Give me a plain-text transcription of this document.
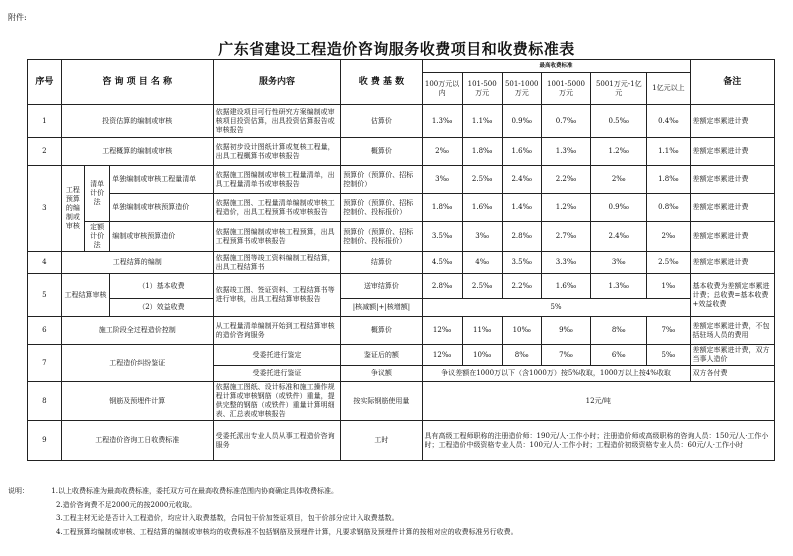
附件:
广东省建设工程造价咨询服务收费项目和收费标准表
序号	咨 询 项 目 名 称			服务内容	收 费 基 数	最高收费标准						备注
						100万元以内	101-500万元	501-1000万元	1001-5000万元	5001万元-1亿元	1亿元以上	
1	投资估算的编制或审核			依据建设项目可行性研究方案编制或审核项目投资估算，出具投资估算报告或审核报告	估算价	1.3‰	1.1‰	0.9‰	0.7‰	0.5‰	0.4‰	差额定率累进计费
2	工程概算的编制或审核			依据初步设计图纸计算或复核工程量，出具工程概算书或审核报告	概算价	2‰	1.8‰	1.6‰	1.3‰	1.2‰	1.1‰	差额定率累进计费
3	工程预算的编制或审核	清单计价法	单独编制或审核工程量清单	依据施工图编制或审核工程量清单，出具工程量清单书或审核报告	预算价（预算价、招标控制价）	3‰	2.5‰	2.4‰	2.2‰	2‰	1.8‰	差额定率累进计费
			单独编制或审核预算造价	依据施工图、工程量清单编制或审核工程造价，出具工程预算书或审核报告	预算价（预算价、招标控制价、投标报价）	1.8‰	1.6‰	1.4‰	1.2‰	0.9‰	0.8‰	差额定率累进计费
		定额计价法	编制或审核预算造价	依据施工图编制或审核工程预算，出具工程预算书或审核报告	预算价（预算价、招标控制价、投标报价）	3.5‰	3‰	2.8‰	2.7‰	2.4‰	2‰	差额定率累进计费
4	工程结算的编制			依据施工图等竣工资料编制工程结算，出具工程结算书	结算价	4.5‰	4‰	3.5‰	3.3‰	3‰	2.5‰	差额定率累进计费
5	工程结算审核		（1）基本收费	依据竣工图、签证资料、工程结算书等进行审核，出具工程结算审核报告	送审结算价	2.8‰	2.5‰	2.2‰	1.6‰	1.3‰	1‰	基本收费为差额定率累进计费；总收费=基本收费+效益收费
			（2）效益收费		|核减额|+|核增额|	5%						
6	施工阶段全过程造价控制			从工程量清单编制开始到工程结算审核的造价咨询服务	概算价	12‰	11‰	10‰	9‰	8‰	7‰	差额定率累进计费，不包括驻场人员的费用
7	工程造价纠纷鉴证			受委托进行鉴定	鉴证后的额	12‰	10‰	8‰	7‰	6‰	5‰	差额定率累进计费，双方当事人造价
				受委托进行鉴证	争议额	争议差额在1000万以下（含1000万）按5%收取，1000万以上按4%收取						双方各付费
8	钢筋及预埋件计算			依据施工图纸、设计标准和施工操作规程计算或审核钢筋（或铁件）重量，提供完整的钢筋（或铁件）重量计算明细表、汇总表或审核报告	按实际钢筋使用量	12元/吨						
9	工程造价咨询工日收费标准			受委托派出专业人员从事工程造价咨询服务	工时	具有高级工程师职称的注册造价师：190元/人·工作小时；注册造价师或高级职称的咨询人员：150元/人·工作小时；工程造价中级资格专业人员：100元/人·工作小时；工程造价初级资格专业人员：60元/人·工作小时						
说明：	1.以上收费标准为最高收费标准，委托双方可在最高收费标准范围内协商确定具体收费标准。
2.造价咨询费不足2000元的按2000元收取。
3.工程主材无论是否计入工程造价，均应计入取费基数，合同包干价加签证项目，包干价部分应计入取费基数。
4.工程预算均编制或审核、工程结算的编制或审核均的收费标准不包括钢筋及预埋件计算，凡要求钢筋及预埋件计算的按相对应的收费标准另行收费。
